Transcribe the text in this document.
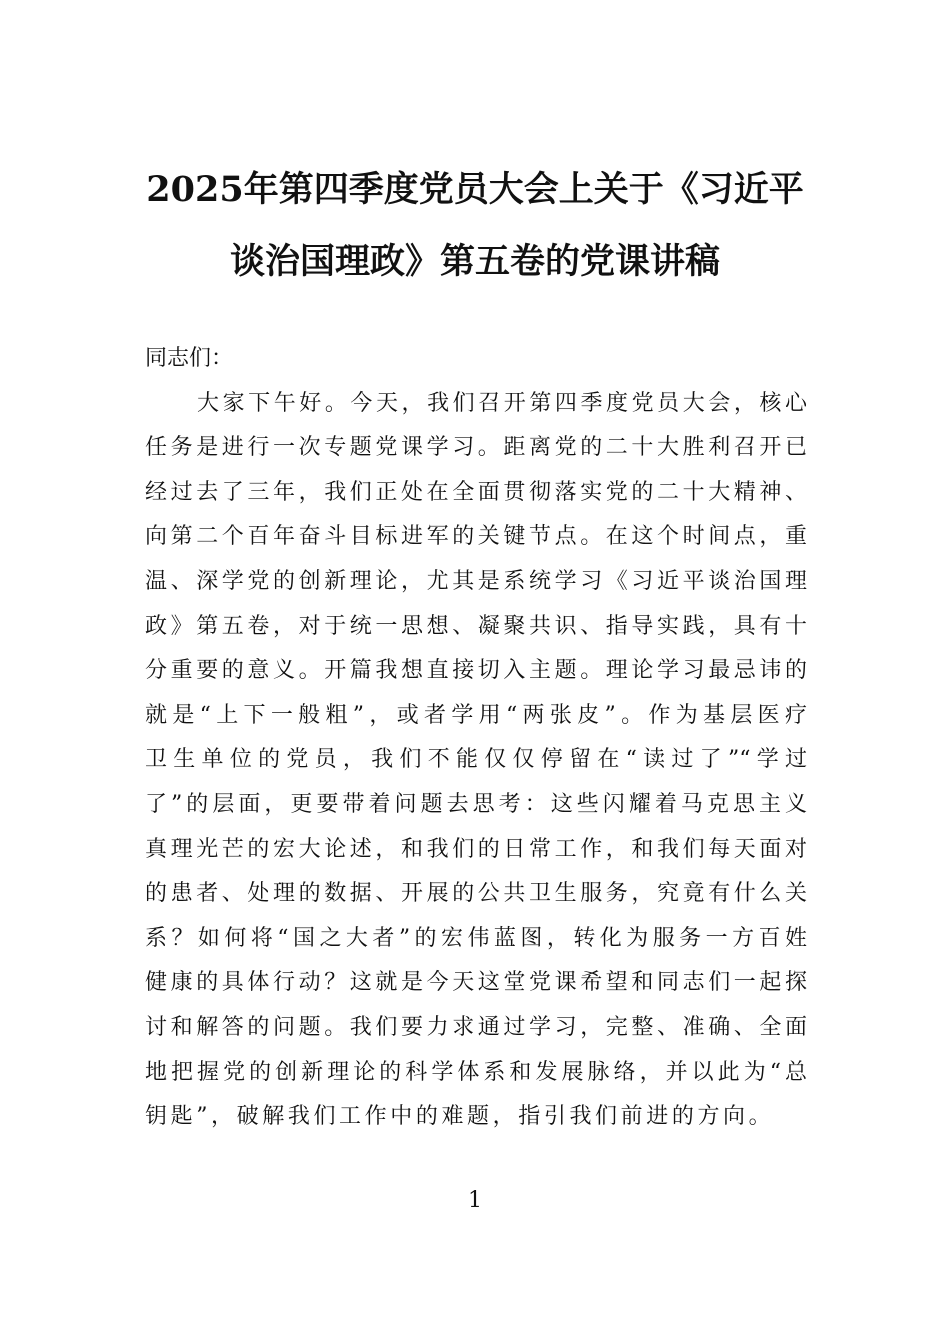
2025年第四季度党员大会上关于《习近平
谈治国理政》第五卷的党课讲稿
同志们：
大家下午好。今天，我们召开第四季度党员大会，核心
任务是进行一次专题党课学习。距离党的二十大胜利召开已
经过去了三年，我们正处在全面贯彻落实党的二十大精神、
向第二个百年奋斗目标进军的关键节点。在这个时间点，重
温、深学党的创新理论，尤其是系统学习《习近平谈治国理
政》第五卷，对于统一思想、凝聚共识、指导实践，具有十
分重要的意义。开篇我想直接切入主题。理论学习最忌讳的
就是“上下一般粗”，或者学用“两张皮”。作为基层医疗
卫生单位的党员，我们不能仅仅停留在“读过了”“学过
了”的层面，更要带着问题去思考：这些闪耀着马克思主义
真理光芒的宏大论述，和我们的日常工作，和我们每天面对
的患者、处理的数据、开展的公共卫生服务，究竟有什么关
系？如何将“国之大者”的宏伟蓝图，转化为服务一方百姓
健康的具体行动？这就是今天这堂党课希望和同志们一起探
讨和解答的问题。我们要力求通过学习，完整、准确、全面
地把握党的创新理论的科学体系和发展脉络，并以此为“总
钥匙”，破解我们工作中的难题，指引我们前进的方向。
1
